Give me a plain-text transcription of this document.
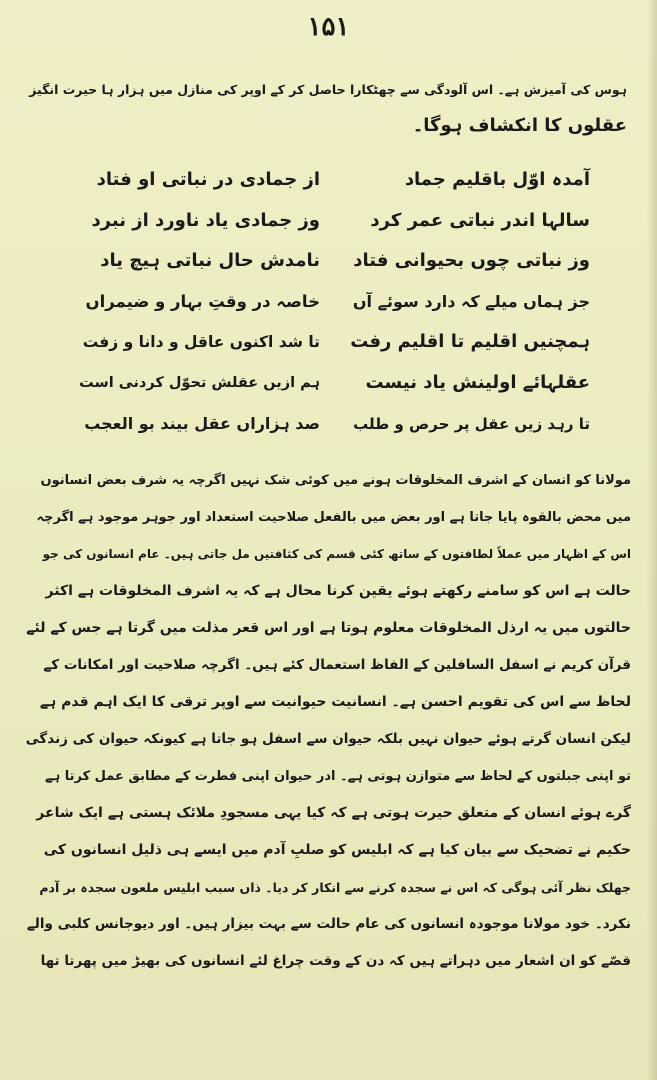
۱۵۱
ہوس کی آمیزش ہے۔ اس آلودگی سے چھٹکارا حاصل کر کے اوپر کی منازل میں ہزار ہا حیرت انگیز
عقلوں کا انکشاف ہوگا۔
آمدہ اوّل باقلیم جماد
از جمادی در نباتی او فتاد
سالہا اندر نباتی عمر کرد
وز جمادی یاد ناورد از نبرد
وز نباتی چوں بحیوانی فتاد
نامدش حال نباتی ہیچ یاد
جز ہماں میلے کہ دارد سوئے آں
خاصہ در وقتِ بہار و ضیمراں
ہمچنیں اقلیم تا اقلیم رفت
تا شد اکنوں عاقل و دانا و زفت
عقلہائے اولینش یاد نیست
ہم ازیں عقلش تحوّل کردنی است
تا رہد زیں عقل پر حرص و طلب
صد ہزاراں عقل بیند بو العجب
مولانا کو انسان کے اشرف المخلوقات ہونے میں کوئی شک نہیں اگرچہ یہ شرف بعض انسانوں
میں محض بالقوہ پایا جاتا ہے اور بعض میں بالفعل صلاحیت استعداد اور جوہر موجود ہے اگرچہ
اس کے اظہار میں عملاً لطافتوں کے ساتھ کئی قسم کی کثافتیں مل جاتی ہیں۔ عام انسانوں کی جو
حالت ہے اس کو سامنے رکھتے ہوئے یقین کرنا محال ہے کہ یہ اشرف المخلوقات ہے اکثر
حالتوں میں یہ ارذل المخلوقات معلوم ہوتا ہے اور اس قعر مذلت میں گرتا ہے جس کے لئے
قرآن کریم نے اسفل السافلین کے الفاظ استعمال کئے ہیں۔ اگرچہ صلاحیت اور امکانات کے
لحاظ سے اس کی تقویم احسن ہے۔ انسانیت حیوانیت سے اوپر ترقی کا ایک اہم قدم ہے
لیکن انسان گرتے ہوئے حیوان نہیں بلکہ حیوان سے اسفل ہو جاتا ہے کیونکہ حیوان کی زندگی
تو اپنی جبلتوں کے لحاظ سے متوازن ہوتی ہے۔ ادر حیوان اپنی فطرت کے مطابق عمل کرتا ہے
گرے ہوئے انسان کے متعلق حیرت ہوتی ہے کہ کیا یہی مسجودِ ملائک ہستی ہے ایک شاعر
حکیم نے تضحیک سے بیان کیا ہے کہ ابلیس کو صلبِ آدم میں ایسے ہی ذلیل انسانوں کی
جھلک نظر آئی ہوگی کہ اس نے سجدہ کرنے سے انکار کر دیا۔ ذاں سبب ابلیس ملعون سجدہ بر آدم
نکرد۔ خود مولانا موجودہ انسانوں کی عام حالت سے بہت بیزار ہیں۔ اور دیوجانس کلبی والے
قصّے کو ان اشعار میں دہراتے ہیں کہ دن کے وقت چراغ لئے انسانوں کی بھیڑ میں پھرتا تھا
